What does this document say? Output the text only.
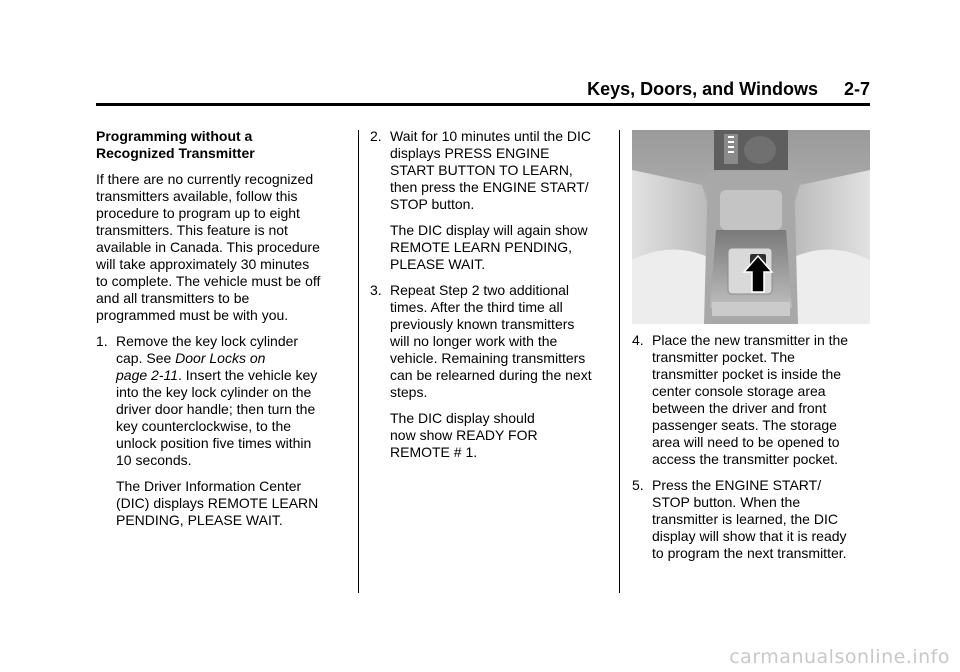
Keys, Doors, and Windows 2-7

Programming without a
Recognized Transmitter

If there are no currently recognized
transmitters available, follow this
procedure to program up to eight
transmitters. This feature is not
available in Canada. This procedure
will take approximately 30 minutes
to complete. The vehicle must be off
and all transmitters to be
programmed must be with you.

1. Remove the key lock cylinder
cap. See Door Locks on
page 2-11. Insert the vehicle key
into the key lock cylinder on the
driver door handle; then turn the
key counterclockwise, to the
unlock position five times within
10 seconds.

The Driver Information Center
(DIC) displays REMOTE LEARN
PENDING, PLEASE WAIT.

2. Wait for 10 minutes until the DIC
displays PRESS ENGINE
START BUTTON TO LEARN,
then press the ENGINE START/
STOP button.

The DIC display will again show
REMOTE LEARN PENDING,
PLEASE WAIT.

3. Repeat Step 2 two additional
times. After the third time all
previously known transmitters
will no longer work with the
vehicle. Remaining transmitters
can be relearned during the next
steps.

The DIC display should
now show READY FOR
REMOTE # 1.

4. Place the new transmitter in the
transmitter pocket. The
transmitter pocket is inside the
center console storage area
between the driver and front
passenger seats. The storage
area will need to be opened to
access the transmitter pocket.

5. Press the ENGINE START/
STOP button. When the
transmitter is learned, the DIC
display will show that it is ready
to program the next transmitter.

carmanualsonline.info
